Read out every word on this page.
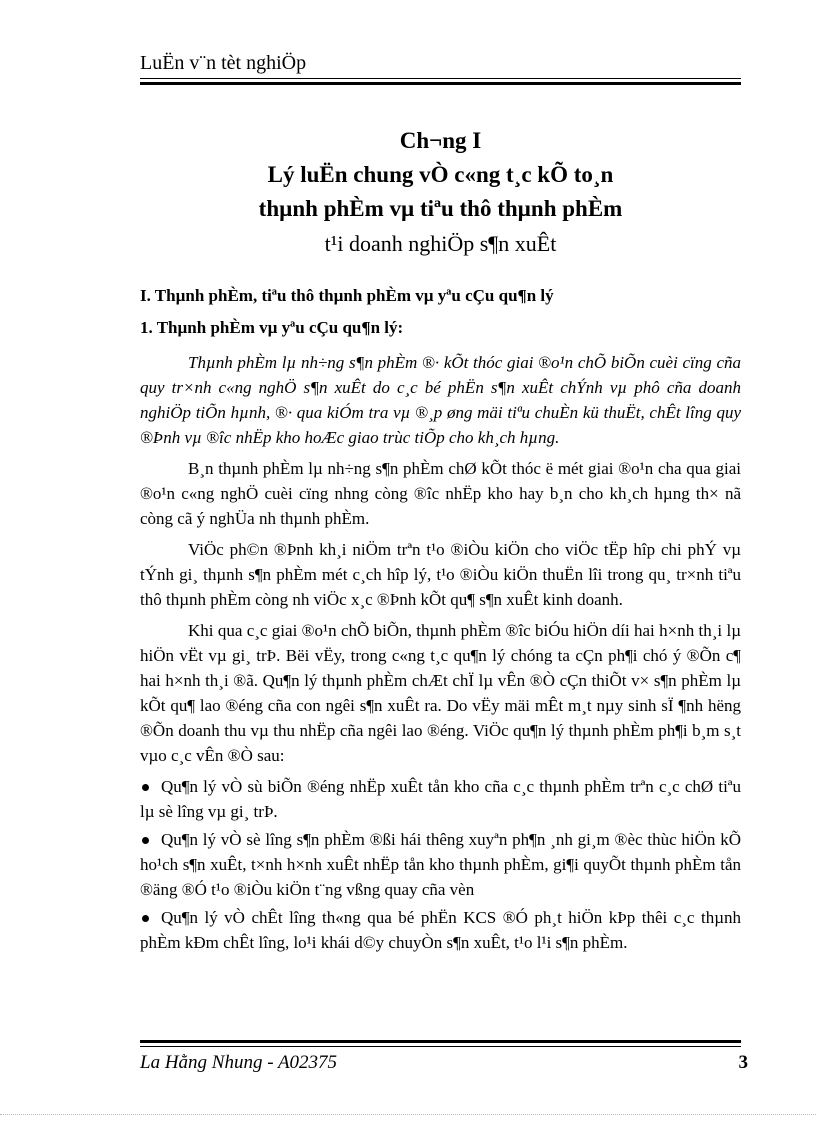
LuËn v¨n tèt nghiÖp
Ch¬ng I
Lý luËn chung vÒ c«ng t¸c kÕ to¸n
thµnh phÈm vµ tiªu thô thµnh phÈm
t¹i doanh nghiÖp s¶n xuÊt
I. Thµnh phÈm, tiªu thô thµnh phÈm vµ yªu cÇu qu¶n lý
1. Thµnh phÈm vµ yªu cÇu qu¶n lý:

Thµnh phÈm lµ nh÷ng s¶n phÈm ®· kÕt thóc giai ®o¹n chÕ biÕn cuèi cïng cña quy tr×nh c«ng nghÖ s¶n xuÊt do c¸c bé phËn s¶n xuÊt chÝnh vµ phô cña doanh nghiÖp tiÕn hµnh, ®· qua kiÓm tra vµ ®¸p øng mäi tiªu chuÈn kü thuËt, chÊt lîng quy ®Þnh vµ ®îc nhËp kho hoÆc giao trùc tiÕp cho kh¸ch hµng.

B¸n thµnh phÈm lµ nh÷ng s¶n phÈm chØ kÕt thóc ë mét giai ®o¹n cha qua giai ®o¹n c«ng nghÖ cuèi cïng nhng còng ®îc nhËp kho hay b¸n cho kh¸ch hµng th× nã còng cã ý nghÜa nh thµnh phÈm.

ViÖc ph©n ®Þnh kh¸i niÖm trªn t¹o ®iÒu kiÖn cho viÖc tËp hîp chi phÝ vµ tÝnh gi¸ thµnh s¶n phÈm mét c¸ch hîp lý, t¹o ®iÒu kiÖn thuËn lîi trong qu¸ tr×nh tiªu thô thµnh phÈm còng nh viÖc x¸c ®Þnh kÕt qu¶ s¶n xuÊt kinh doanh.

Khi qua c¸c giai ®o¹n chÕ biÕn, thµnh phÈm ®îc biÓu hiÖn díi hai h×nh th¸i lµ hiÖn vËt vµ gi¸ trÞ. Bëi vËy, trong c«ng t¸c qu¶n lý chóng ta cÇn ph¶i chó ý ®Õn c¶ hai h×nh th¸i ®ã. Qu¶n lý thµnh phÈm chÆt chÏ lµ vÊn ®Ò cÇn thiÕt v× s¶n phÈm lµ kÕt qu¶ lao ®éng cña con ngêi s¶n xuÊt ra. Do vËy mäi mÊt m¸t nµy sinh sÏ ¶nh hëng ®Õn doanh thu vµ thu nhËp cña ngêi lao ®éng. ViÖc qu¶n lý thµnh phÈm ph¶i b¸m s¸t vµo c¸c vÊn ®Ò sau:

Qu¶n lý vÒ sù biÕn ®éng nhËp xuÊt tån kho cña c¸c thµnh phÈm trªn c¸c chØ tiªu lµ sè lîng vµ gi¸ trÞ.

Qu¶n lý vÒ sè lîng s¶n phÈm ®ßi hái thêng xuyªn ph¶n ¸nh gi¸m ®èc thùc hiÖn kÕ ho¹ch s¶n xuÊt, t×nh h×nh xuÊt nhËp tån kho thµnh phÈm, gi¶i quyÕt thµnh phÈm tån ®äng ®Ó t¹o ®iÒu kiÖn t¨ng vßng quay cña vèn

Qu¶n lý vÒ chÊt lîng th«ng qua bé phËn KCS ®Ó ph¸t hiÖn kÞp thêi c¸c thµnh phÈm kÐm chÊt lîng, lo¹i khái d©y chuyÒn s¶n xuÊt, t¹o l¹i s¶n phÈm.

La Hằng Nhung - A02375	3
